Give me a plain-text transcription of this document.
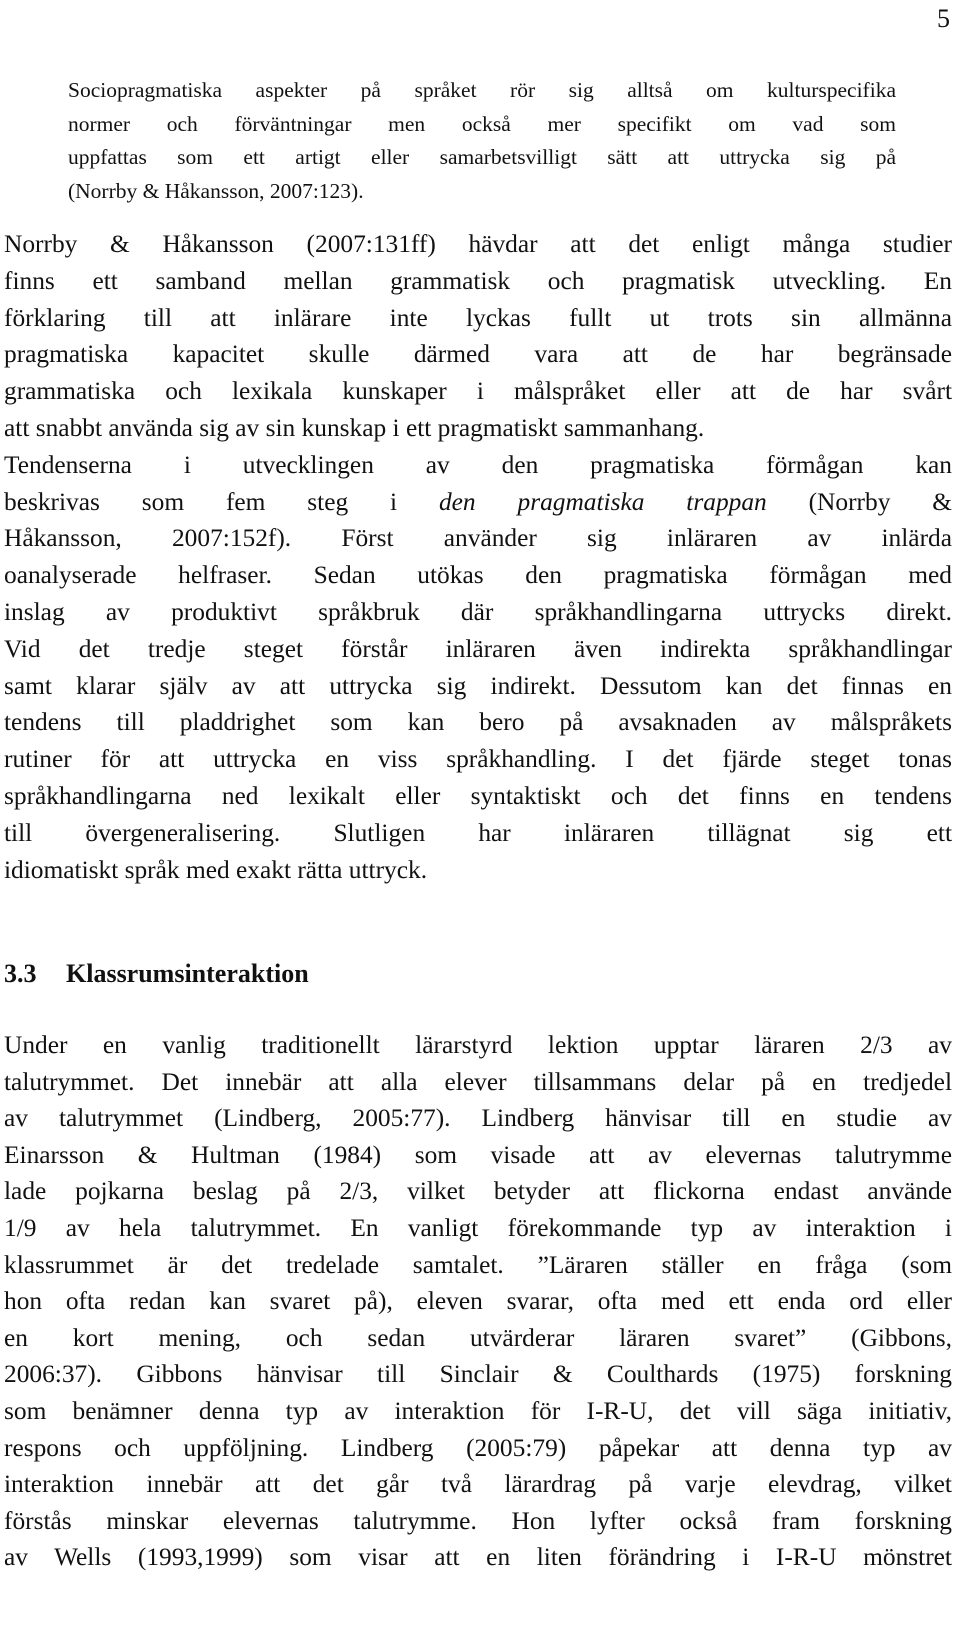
5
Sociopragmatiska aspekter på språket rör sig alltså om kulturspecifika
normer och förväntningar men också mer specifikt om vad som
uppfattas som ett artigt eller samarbetsvilligt sätt att uttrycka sig på
(Norrby & Håkansson, 2007:123).
Norrby & Håkansson (2007:131ff) hävdar att det enligt många studier
finns ett samband mellan grammatisk och pragmatisk utveckling. En
förklaring till att inlärare inte lyckas fullt ut trots sin allmänna
pragmatiska kapacitet skulle därmed vara att de har begränsade
grammatiska och lexikala kunskaper i målspråket eller att de har svårt
att snabbt använda sig av sin kunskap i ett pragmatiskt sammanhang.
Tendenserna i utvecklingen av den pragmatiska förmågan kan
beskrivas som fem steg i den pragmatiska trappan (Norrby &
Håkansson, 2007:152f). Först använder sig inläraren av inlärda
oanalyserade helfraser. Sedan utökas den pragmatiska förmågan med
inslag av produktivt språkbruk där språkhandlingarna uttrycks direkt.
Vid det tredje steget förstår inläraren även indirekta språkhandlingar
samt klarar själv av att uttrycka sig indirekt. Dessutom kan det finnas en
tendens till pladdrighet som kan bero på avsaknaden av målspråkets
rutiner för att uttrycka en viss språkhandling. I det fjärde steget tonas
språkhandlingarna ned lexikalt eller syntaktiskt och det finns en tendens
till övergeneralisering. Slutligen har inläraren tillägnat sig ett
idiomatiskt språk med exakt rätta uttryck.
3.3 Klassrumsinteraktion
Under en vanlig traditionellt lärarstyrd lektion upptar läraren 2/3 av
talutrymmet. Det innebär att alla elever tillsammans delar på en tredjedel
av talutrymmet (Lindberg, 2005:77). Lindberg hänvisar till en studie av
Einarsson & Hultman (1984) som visade att av elevernas talutrymme
lade pojkarna beslag på 2/3, vilket betyder att flickorna endast använde
1/9 av hela talutrymmet. En vanligt förekommande typ av interaktion i
klassrummet är det tredelade samtalet. ”Läraren ställer en fråga (som
hon ofta redan kan svaret på), eleven svarar, ofta med ett enda ord eller
en kort mening, och sedan utvärderar läraren svaret” (Gibbons,
2006:37). Gibbons hänvisar till Sinclair & Coulthards (1975) forskning
som benämner denna typ av interaktion för I-R-U, det vill säga initiativ,
respons och uppföljning. Lindberg (2005:79) påpekar att denna typ av
interaktion innebär att det går två lärardrag på varje elevdrag, vilket
förstås minskar elevernas talutrymme. Hon lyfter också fram forskning
av Wells (1993,1999) som visar att en liten förändring i I-R-U mönstret
